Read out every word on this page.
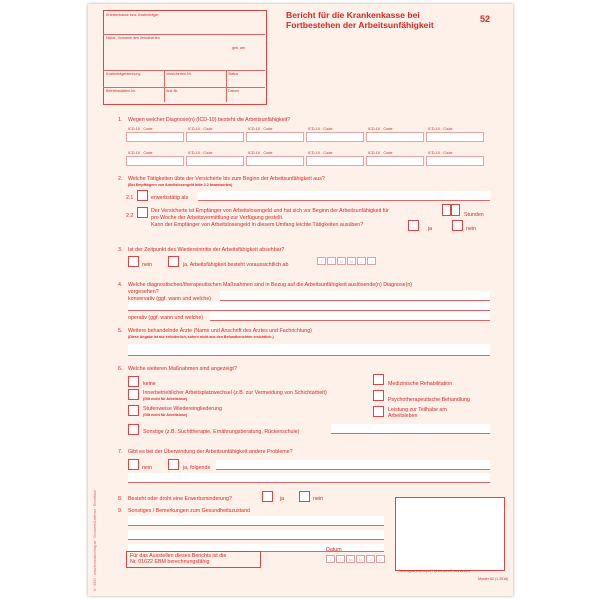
Krankenkasse bzw. Kostenträger
Name, Vorname des Versicherten
geb. am
Kostenträgerkennung	Versicherten-Nr.	Status
Betriebsstätten-Nr.	Arzt-Nr.	Datum
Bericht für die Krankenkasse bei
Fortbestehen der Arbeitsunfähigkeit
52
1. Wegen welcher Diagnose(n) (ICD-10) besteht die Arbeitsunfähigkeit?
2. Welche Tätigkeiten übte der Versicherte bis zum Beginn der Arbeitsunfähigkeit aus?
(Bei Empfängern von Arbeitslosengeld bitte 2.2 beantworten)
2.1	erwerbstätig als
2.2
Der Versicherte ist Empfänger von Arbeitslosengeld und hat sich vor Beginn der Arbeitsunfähigkeit für
Stunden
pro Woche der Arbeitsvermittlung zur Verfügung gestellt.
Kann der Empfänger von Arbeitslosengeld in diesem Umfang leichte Tätigkeiten ausüben?
ja	nein
3. Ist der Zeitpunkt des Wiedereintritts der Arbeitsfähigkeit absehbar?
nein	ja, Arbeitsfähigkeit besteht voraussichtlich ab
4. Welche diagnostischen/therapeutischen Maßnahmen sind in Bezug auf die Arbeitsunfähigkeit auslösende(n) Diagnose(n)
vorgesehen?
konservativ (ggf. wann und welche)
operativ (ggf. wann und welche)
5. Weitere behandelnde Ärzte (Name und Anschrift des Arztes und Fachrichtung)
(Diese Angabe ist nur erforderlich, sofern nicht aus den Befundberichten ersichtlich.)
6. Welche weiteren Maßnahmen sind angezeigt?
keine
Innerbetrieblicher Arbeitsplatzwechsel (z.B. zur Vermeidung von Schichtarbeit)
(Gilt nicht für Arbeitslose)
Stufenweise Wiedereingliederung
(Gilt nicht für Arbeitslose)
Sonstige (z.B. Suchttherapie, Ernährungsberatung, Rückenschule)
Medizinische Rehabilitation
Psychotherapeutische Behandlung
Leistung zur Teilhabe am
Arbeitsleben
7. Gibt es bei der Überwindung der Arbeitsunfähigkeit andere Probleme?
nein	ja, folgende
8. Besteht oder droht eine Erwerbsminderung?	ja	nein
9. Sonstiges / Bemerkungen zum Gesundheitszustand
Für das Ausstellen dieses Berichts ist die
Nr. 01622 EBM berechnungsfähig
Datum
Vertragsarztstempel / Unterschrift des Arztes
Muster 52 (1.2018)
N · 6520 · www.formularverlag.de · Druckerei/Lieferant · Einzelblatt
ICD-10 - Code	ICD-10 - Code	ICD-10 - Code	ICD-10 - Code	ICD-10 - Code	ICD-10 - Code
ICD-10 - Code	ICD-10 - Code	ICD-10 - Code	ICD-10 - Code	ICD-10 - Code	ICD-10 - Code
T	T	M	M	J	J
T	T	M	M	J	J
